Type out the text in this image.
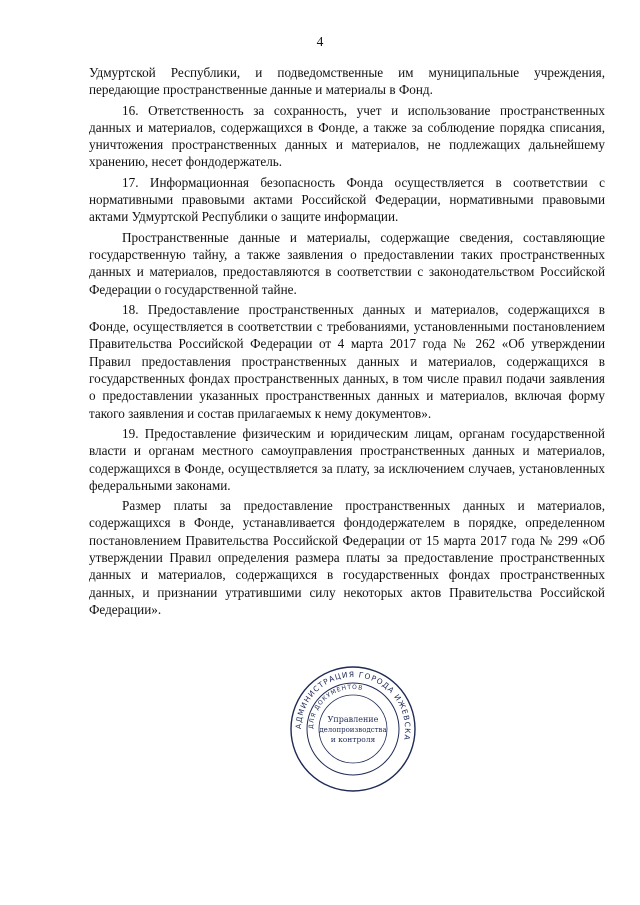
4

Удмуртской Республики, и подведомственные им муниципальные учреждения, передающие пространственные данные и материалы в Фонд.

16. Ответственность за сохранность, учет и использование пространственных данных и материалов, содержащихся в Фонде, а также за соблюдение порядка списания, уничтожения пространственных данных и материалов, не подлежащих дальнейшему хранению, несет фондодержатель.

17. Информационная безопасность Фонда осуществляется в соответствии с нормативными правовыми актами Российской Федерации, нормативными правовыми актами Удмуртской Республики о защите информации.

Пространственные данные и материалы, содержащие сведения, составляющие государственную тайну, а также заявления о предоставлении таких пространственных данных и материалов, предоставляются в соответствии с законодательством Российской Федерации о государственной тайне.

18. Предоставление пространственных данных и материалов, содержащихся в Фонде, осуществляется в соответствии с требованиями, установленными постановлением Правительства Российской Федерации от 4 марта 2017 года № 262 «Об утверждении Правил предоставления пространственных данных и материалов, содержащихся в государственных фондах пространственных данных, в том числе правил подачи заявления о предоставлении указанных пространственных данных и материалов, включая форму такого заявления и состав прилагаемых к нему документов».

19. Предоставление физическим и юридическим лицам, органам государственной власти и органам местного самоуправления пространственных данных и материалов, содержащихся в Фонде, осуществляется за плату, за исключением случаев, установленных федеральными законами.

Размер платы за предоставление пространственных данных и материалов, содержащихся в Фонде, устанавливается фондодержателем в порядке, определенном постановлением Правительства Российской Федерации от 15 марта 2017 года № 299 «Об утверждении Правил определения размера платы за предоставление пространственных данных и материалов, содержащихся в государственных фондах пространственных данных, и признании утратившими силу некоторых актов Правительства Российской Федерации».

АДМИНИСТРАЦИЯ ГОРОДА ИЖЕВСКА
ДЛЯ ДОКУМЕНТОВ
Управление
делопроизводства
и контроля
